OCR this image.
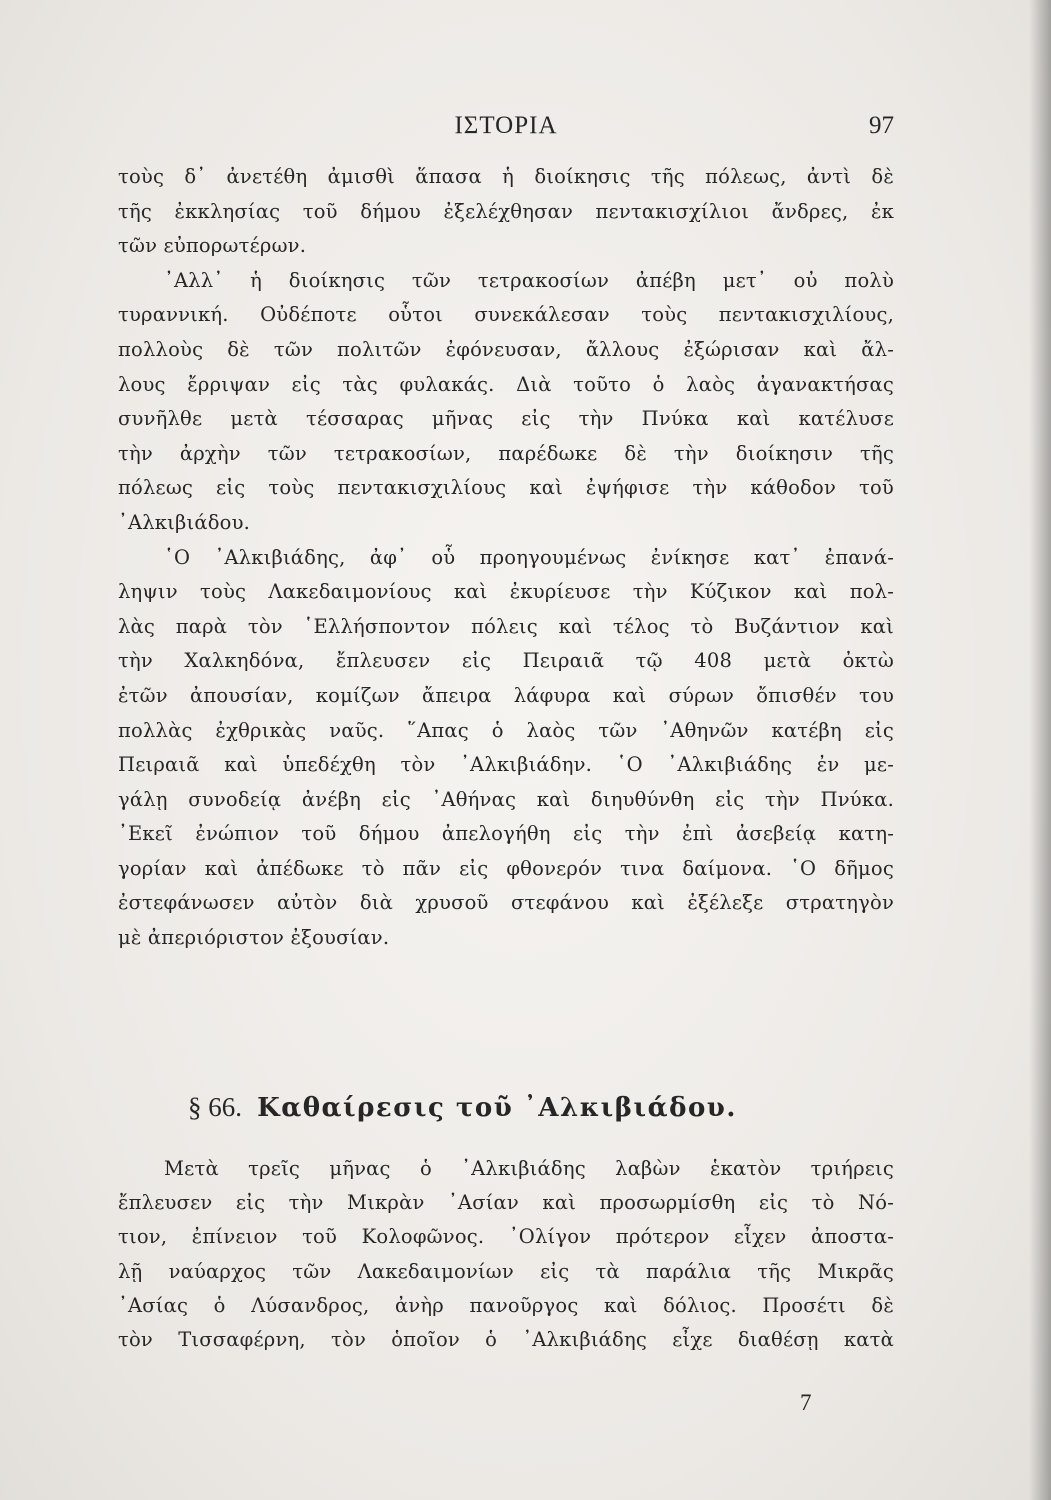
ΙΣΤΟΡΙΑ	97
τοὺς δ᾿ ἀνετέθη ἀμισθὶ ἅπασα ἡ διοίκησις τῆς πόλεως, ἀντὶ δὲ
τῆς ἐκκλησίας τοῦ δήμου ἐξελέχθησαν πεντακισχίλιοι ἄνδρες, ἐκ
τῶν εὐπορωτέρων.
᾿Αλλ᾿ ἡ διοίκησις τῶν τετρακοσίων ἀπέβη μετ᾿ οὐ πολὺ
τυραννική. Οὐδέποτε οὗτοι συνεκάλεσαν τοὺς πεντακισχιλίους,
πολλοὺς δὲ τῶν πολιτῶν ἐφόνευσαν, ἄλλους ἐξώρισαν καὶ ἄλ-
λους ἔρριψαν εἰς τὰς φυλακάς. Διὰ τοῦτο ὁ λαὸς ἀγανακτήσας
συνῆλθε μετὰ τέσσαρας μῆνας εἰς τὴν Πνύκα καὶ κατέλυσε
τὴν ἀρχὴν τῶν τετρακοσίων, παρέδωκε δὲ τὴν διοίκησιν τῆς
πόλεως εἰς τοὺς πεντακισχιλίους καὶ ἐψήφισε τὴν κάθοδον τοῦ
᾿Αλκιβιάδου.
῾Ο ᾿Αλκιβιάδης, ἀφ᾿ οὗ προηγουμένως ἐνίκησε κατ᾿ ἐπανά-
ληψιν τοὺς Λακεδαιμονίους καὶ ἐκυρίευσε τὴν Κύζικον καὶ πολ-
λὰς παρὰ τὸν ῾Ελλήσποντον πόλεις καὶ τέλος τὸ Βυζάντιον καὶ
τὴν Χαλκηδόνα, ἔπλευσεν εἰς Πειραιᾶ τῷ 408 μετὰ ὀκτὼ
ἐτῶν ἀπουσίαν, κομίζων ἄπειρα λάφυρα καὶ σύρων ὄπισθέν του
πολλὰς ἐχθρικὰς ναῦς. ῞Απας ὁ λαὸς τῶν ᾿Αθηνῶν κατέβη εἰς
Πειραιᾶ καὶ ὑπεδέχθη τὸν ᾿Αλκιβιάδην. ῾Ο ᾿Αλκιβιάδης ἐν με-
γάλῃ συνοδείᾳ ἀνέβη εἰς ᾿Αθήνας καὶ διηυθύνθη εἰς τὴν Πνύκα.
᾿Εκεῖ ἐνώπιον τοῦ δήμου ἀπελογήθη εἰς τὴν ἐπὶ ἀσεβείᾳ κατη-
γορίαν καὶ ἀπέδωκε τὸ πᾶν εἰς φθονερόν τινα δαίμονα. ῾Ο δῆμος
ἐστεφάνωσεν αὐτὸν διὰ χρυσοῦ στεφάνου καὶ ἐξέλεξε στρατηγὸν
μὲ ἀπεριόριστον ἐξουσίαν.
§ 66. Καθαίρεσις τοῦ ᾿Αλκιβιάδου.
Μετὰ τρεῖς μῆνας ὁ ᾿Αλκιβιάδης λαβὼν ἑκατὸν τριήρεις
ἔπλευσεν εἰς τὴν Μικρὰν ᾿Ασίαν καὶ προσωρμίσθη εἰς τὸ Νό-
τιον, ἐπίνειον τοῦ Κολοφῶνος. ᾿Ολίγον πρότερον εἶχεν ἀποστα-
λῇ ναύαρχος τῶν Λακεδαιμονίων εἰς τὰ παράλια τῆς Μικρᾶς
᾿Ασίας ὁ Λύσανδρος, ἀνὴρ πανοῦργος καὶ δόλιος. Προσέτι δὲ
τὸν Τισσαφέρνη, τὸν ὁποῖον ὁ ᾿Αλκιβιάδης εἶχε διαθέσῃ κατὰ
7
